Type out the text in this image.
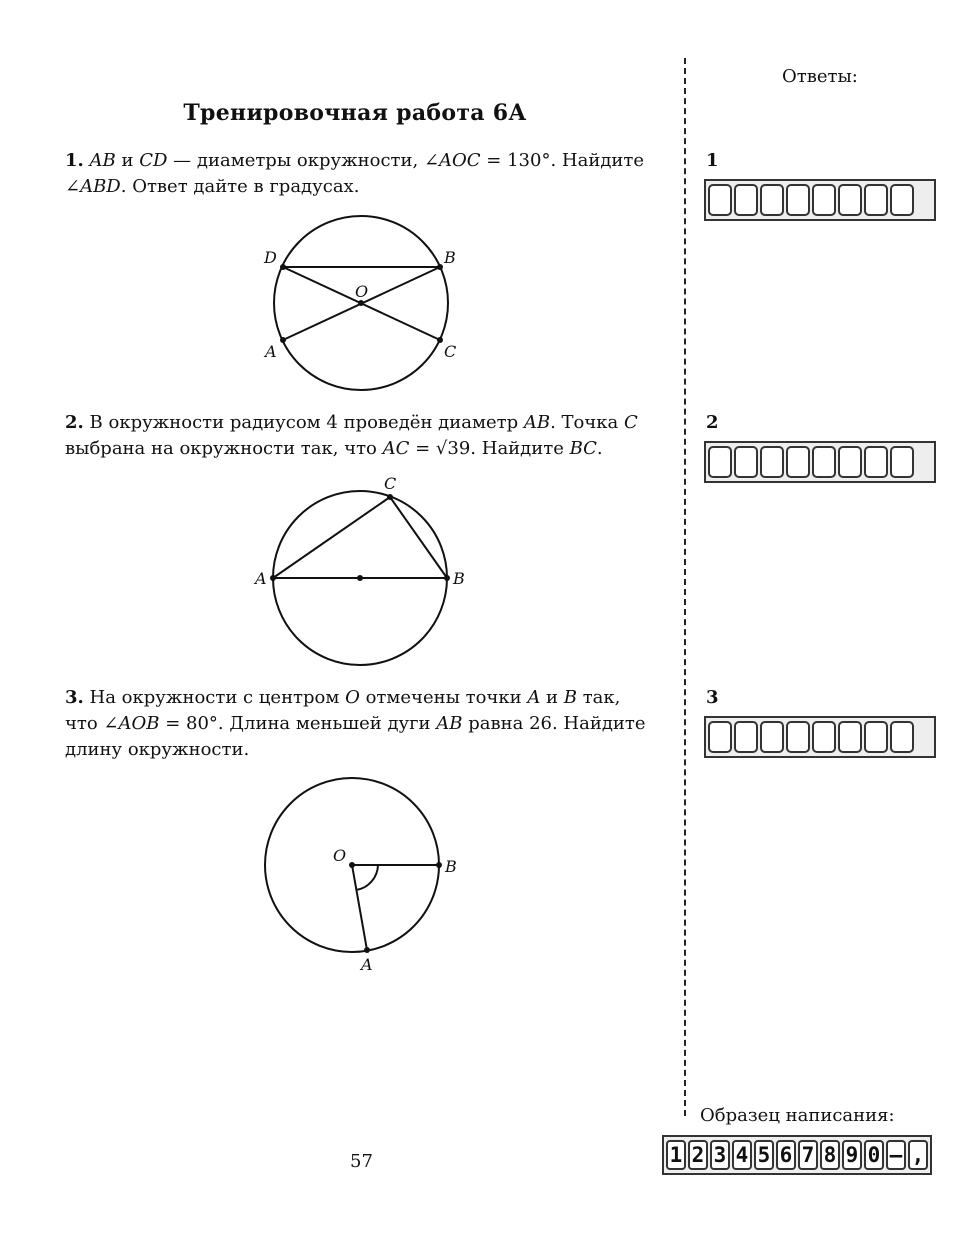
Тренировочная работа 6А
1. AB и CD — диаметры окружности, ∠AOC = 130°. Найдите
∠ABD. Ответ дайте в градусах.
D	B
O
A	C
A	B
C
O
B
A
2. В окружности радиусом 4 проведён диаметр AB. Точка C
выбрана на окружности так, что AC = √39. Найдите BC.
3. На окружности с центром O отмечены точки A и B так,
что ∠AOB = 80°. Длина меньшей дуги AB равна 26. Найдите
длину окружности.
Ответы:
1
2
3
Образец написания:
1 2 3 4 5 6 7 8 9 0 – ,
57
